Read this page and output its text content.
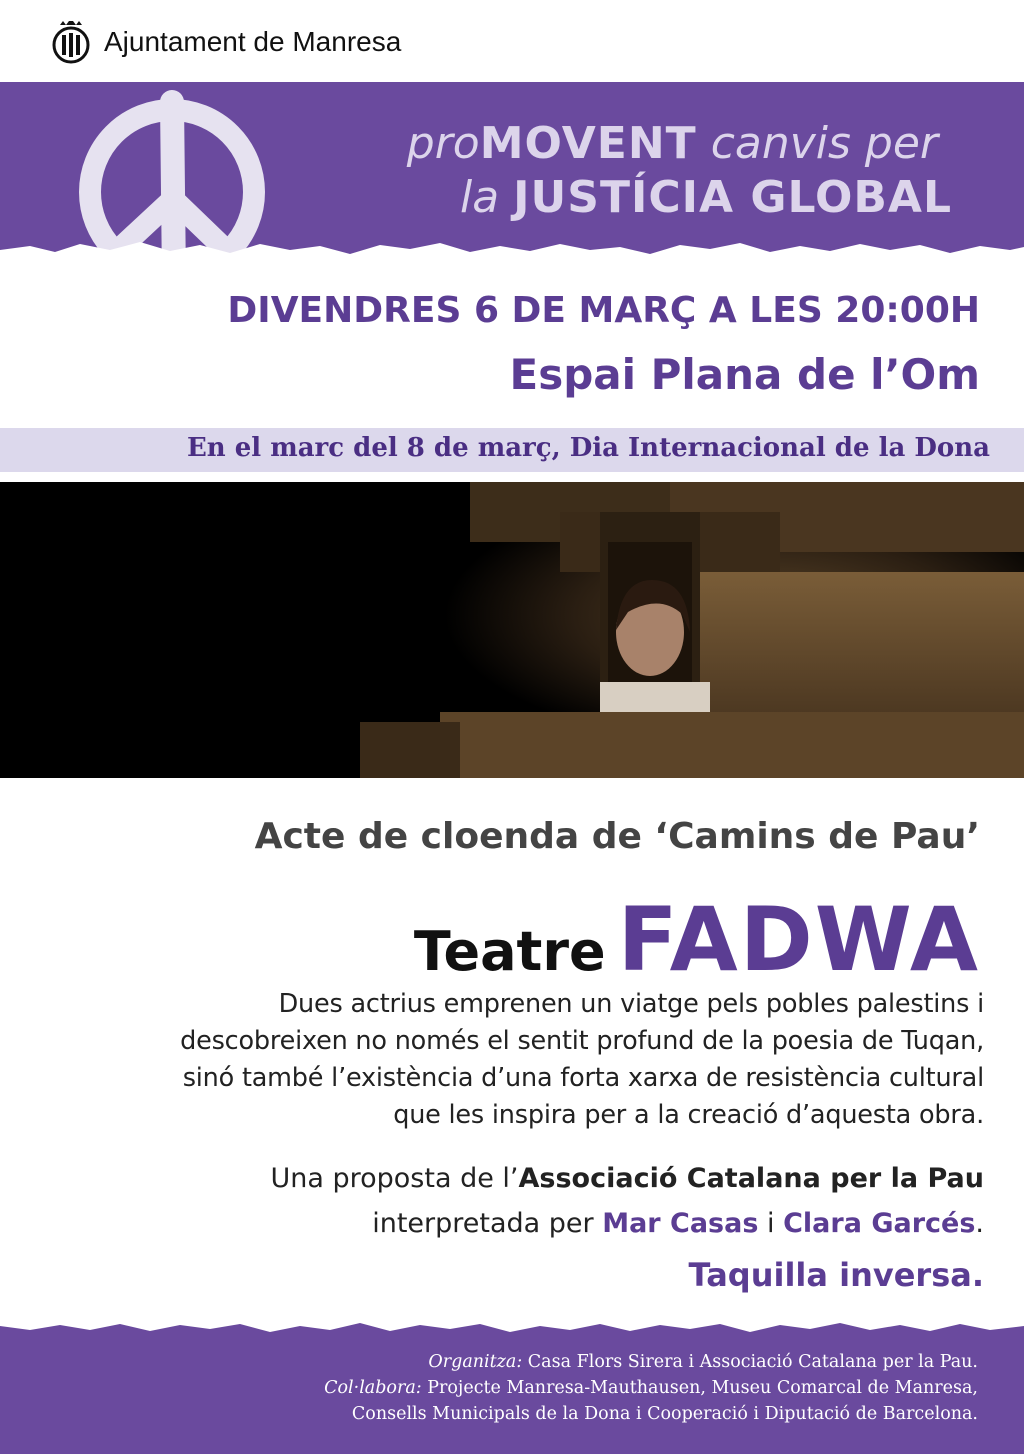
Ajuntament de Manresa
proMOVENT canvis per
la JUSTÍCIA GLOBAL
DIVENDRES 6 DE MARÇ A LES 20:00H
Espai Plana de l’Om
En el marc del 8 de març, Dia Internacional de la Dona
Acte de cloenda de ‘Camins de Pau’
Teatre FADWA
Dues actrius emprenen un viatge pels pobles palestins i
descobreixen no només el sentit profund de la poesia de Tuqan,
sinó també l’existència d’una forta xarxa de resistència cultural
que les inspira per a la creació d’aquesta obra.
Una proposta de l’Associació Catalana per la Pau
interpretada per Mar Casas i Clara Garcés.
Taquilla inversa.
Organitza: Casa Flors Sirera i Associació Catalana per la Pau.
Col·labora: Projecte Manresa-Mauthausen, Museu Comarcal de Manresa,
Consells Municipals de la Dona i Cooperació i Diputació de Barcelona.
